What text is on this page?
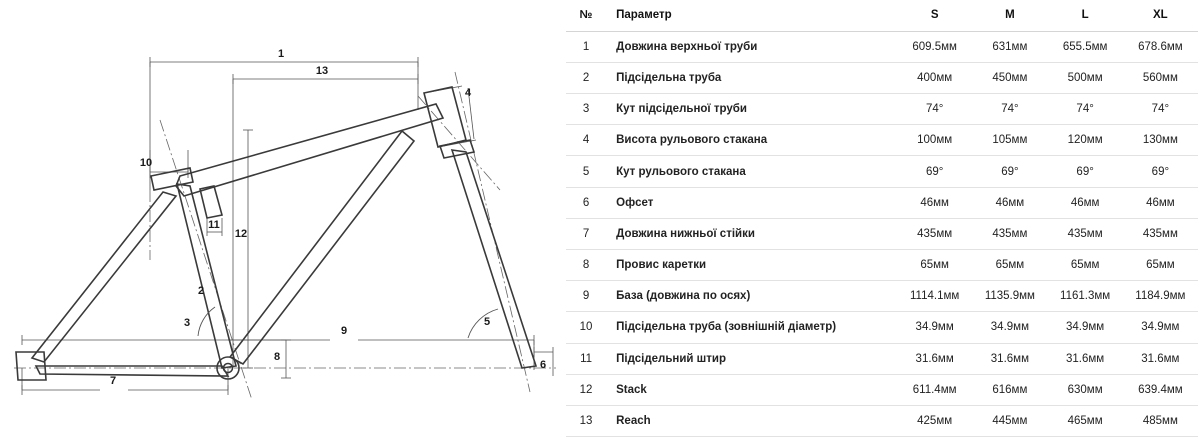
1
13
4
10
11
12
2
3	5
9
8
6
7
№	Параметр	S	M	L	XL
1	Довжина верхньої труби	609.5мм	631мм	655.5мм	678.6мм
2	Підсідельна труба	400мм	450мм	500мм	560мм
3	Кут підсідельної труби	74°	74°	74°	74°
4	Висота рульового стакана	100мм	105мм	120мм	130мм
5	Кут рульового стакана	69°	69°	69°	69°
6	Офсет	46мм	46мм	46мм	46мм
7	Довжина нижньої стійки	435мм	435мм	435мм	435мм
8	Провис каретки	65мм	65мм	65мм	65мм
9	База (довжина по осях)	1114.1мм	1135.9мм	1161.3мм	1184.9мм
10	Підсідельна труба (зовнішній діаметр)	34.9мм	34.9мм	34.9мм	34.9мм
11	Підсідельний штир	31.6мм	31.6мм	31.6мм	31.6мм
12	Stack	611.4мм	616мм	630мм	639.4мм
13	Reach	425мм	445мм	465мм	485мм
